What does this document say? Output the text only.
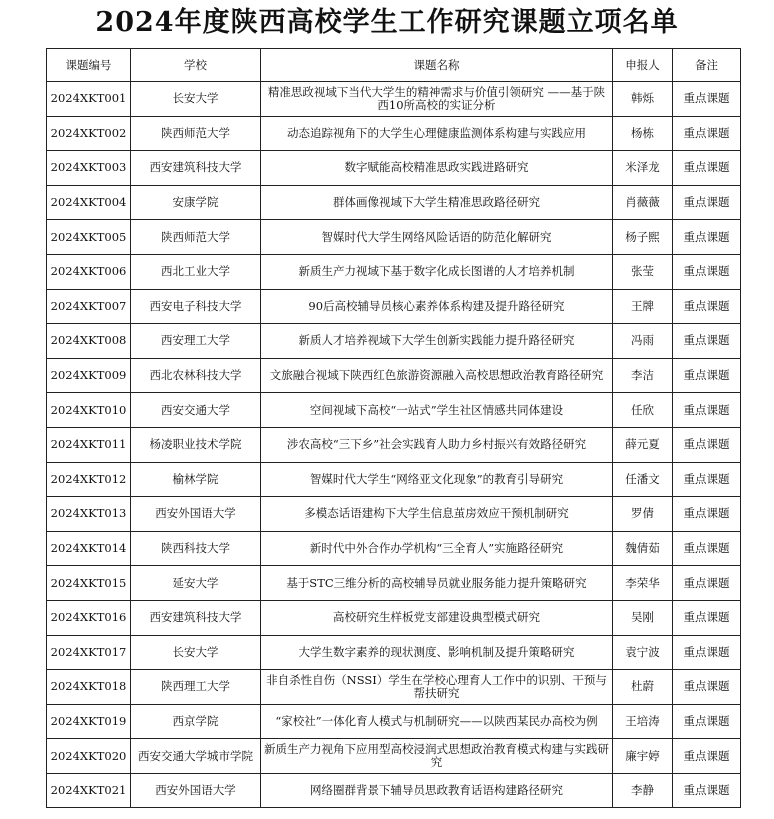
2024年度陕西高校学生工作研究课题立项名单
课题编号	学校	课题名称	申报人	备注
2024XKT001	长安大学	精准思政视域下当代大学生的精神需求与价值引领研究 ——基于陕西10所高校的实证分析	韩烁	重点课题
2024XKT002	陕西师范大学	动态追踪视角下的大学生心理健康监测体系构建与实践应用	杨栋	重点课题
2024XKT003	西安建筑科技大学	数字赋能高校精准思政实践进路研究	米泽龙	重点课题
2024XKT004	安康学院	群体画像视域下大学生精准思政路径研究	肖薇薇	重点课题
2024XKT005	陕西师范大学	智媒时代大学生网络风险话语的防范化解研究	杨子熙	重点课题
2024XKT006	西北工业大学	新质生产力视域下基于数字化成长图谱的人才培养机制	张莹	重点课题
2024XKT007	西安电子科技大学	90后高校辅导员核心素养体系构建及提升路径研究	王牌	重点课题
2024XKT008	西安理工大学	新质人才培养视域下大学生创新实践能力提升路径研究	冯雨	重点课题
2024XKT009	西北农林科技大学	文旅融合视域下陕西红色旅游资源融入高校思想政治教育路径研究	李洁	重点课题
2024XKT010	西安交通大学	空间视域下高校“一站式”学生社区情感共同体建设	任欣	重点课题
2024XKT011	杨凌职业技术学院	涉农高校“三下乡”社会实践育人助力乡村振兴有效路径研究	薛元夏	重点课题
2024XKT012	榆林学院	智媒时代大学生“网络亚文化现象”的教育引导研究	任潘文	重点课题
2024XKT013	西安外国语大学	多模态话语建构下大学生信息茧房效应干预机制研究	罗倩	重点课题
2024XKT014	陕西科技大学	新时代中外合作办学机构“三全育人”实施路径研究	魏倩茹	重点课题
2024XKT015	延安大学	基于STC三维分析的高校辅导员就业服务能力提升策略研究	李荣华	重点课题
2024XKT016	西安建筑科技大学	高校研究生样板党支部建设典型模式研究	吴刚	重点课题
2024XKT017	长安大学	大学生数字素养的现状测度、影响机制及提升策略研究	袁宁波	重点课题
2024XKT018	陕西理工大学	非自杀性自伤（NSSI）学生在学校心理育人工作中的识别、干预与帮扶研究	杜蔚	重点课题
2024XKT019	西京学院	“家校社”一体化育人模式与机制研究——以陕西某民办高校为例	王培涛	重点课题
2024XKT020	西安交通大学城市学院	新质生产力视角下应用型高校浸润式思想政治教育模式构建与实践研究	廉宇婷	重点课题
2024XKT021	西安外国语大学	网络圈群背景下辅导员思政教育话语构建路径研究	李静	重点课题
